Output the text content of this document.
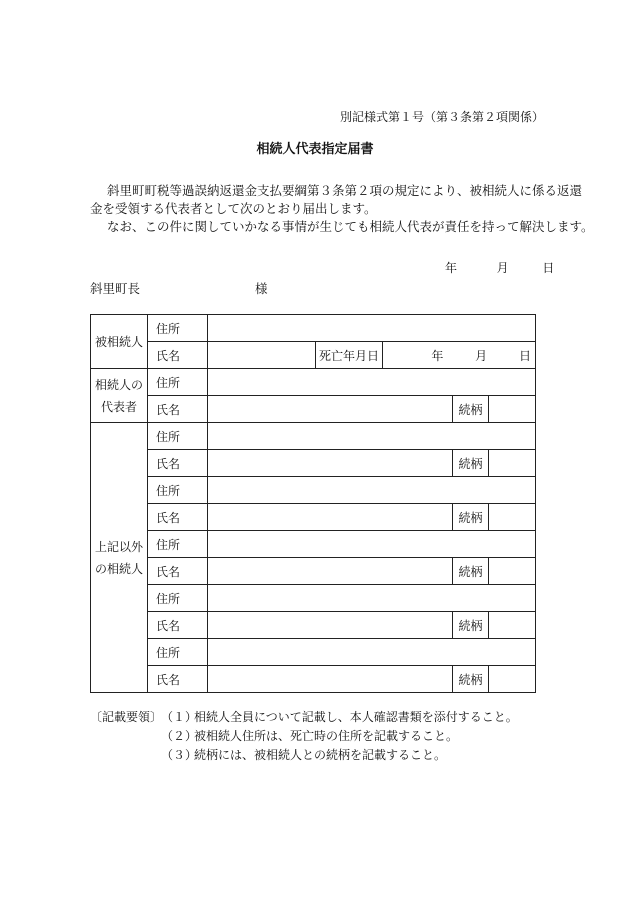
別記様式第１号（第３条第２項関係）
相続人代表指定届書
斜里町町税等過誤納返還金支払要綱第３条第２項の規定により、被相続人に係る返還
金を受領する代表者として次のとおり届出します。
なお、この件に関していかなる事情が生じても相続人代表が責任を持って解決します。
年	月	日
斜里町長	様
被相続人	住所					
	氏名		死亡年月日	年 月 日		
相続人の
代表者	住所					
	氏名				続柄	
上記以外
の相続人	住所					
	氏名				続柄	
	住所					
	氏名				続柄	
	住所					
	氏名				続柄	
	住所					
	氏名				続柄	
	住所					
	氏名				続柄	
〔記載要領〕
（１）
相続人全員について記載し、本人確認書類を添付すること。
（２）
被相続人住所は、死亡時の住所を記載すること。
（３）
続柄には、被相続人との続柄を記載すること。
